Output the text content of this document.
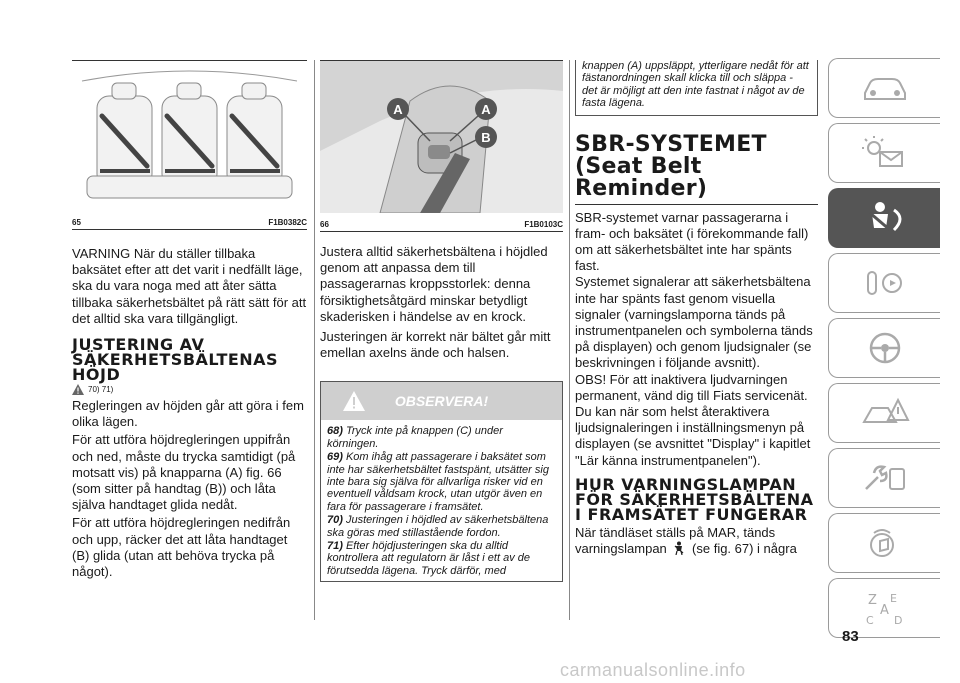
65	F1B0382C

VARNING När du ställer tillbaka baksätet efter att det varit i nedfällt läge, ska du vara noga med att åter sätta tillbaka säkerhetsbältet på rätt sätt för att det alltid ska vara tillgängligt.

JUSTERING AV SÄKERHETSBÄLTENAS HÖJD
70) 71)

Regleringen av höjden går att göra i fem olika lägen.

För att utföra höjdregleringen uppifrån och ned, måste du trycka samtidigt (på motsatt vis) på knapparna (A) fig. 66 (som sitter på handtag (B)) och låta själva handtaget glida nedåt.

För att utföra höjdregleringen nedifrån och upp, räcker det att låta handtaget (B) glida (utan att behöva trycka på något).

A	A
B
66	F1B0103C

Justera alltid säkerhetsbältena i höjdled genom att anpassa dem till passagerarnas kroppsstorlek: denna försiktighetsåtgärd minskar betydligt skaderisken i händelse av en krock.

Justeringen är korrekt när bältet går mitt emellan axelns ände och halsen.

OBSERVERA!

68) Tryck inte på knappen (C) under körningen.

69) Kom ihåg att passagerare i baksätet som inte har säkerhetsbältet fastspänt, utsätter sig inte bara sig själva för allvarliga risker vid en eventuell våldsam krock, utan utgör även en fara för passagerare i framsätet.

70) Justeringen i höjdled av säkerhetsbältena ska göras med stillastående fordon.

71) Efter höjdjusteringen ska du alltid kontrollera att regulatorn är låst i ett av de förutsedda lägena. Tryck därför, med

knappen (A) uppsläppt, ytterligare nedåt för att fästanordningen skall klicka till och släppa - det är möjligt att den inte fastnat i något av de fasta lägena.

SBR-SYSTEMET (Seat Belt Reminder)

SBR-systemet varnar passagerarna i fram- och baksätet (i förekommande fall) om att säkerhetsbältet inte har spänts fast.

Systemet signalerar att säkerhetsbältena inte har spänts fast genom visuella signaler (varningslamporna tänds på instrumentpanelen och symbolerna tänds på displayen) och genom ljudsignaler (se beskrivningen i följande avsnitt).

OBS! För att inaktivera ljudvarningen permanent, vänd dig till Fiats servicenät. Du kan när som helst återaktivera ljudsignaleringen i inställningsmenyn på displayen (se avsnittet "Display" i kapitlet "Lär känna instrumentpanelen").

HUR VARNINGSLAMPAN FÖR SÄKERHETSBÄLTENA I FRAMSÄTET FUNGERAR

När tändläset ställs på MAR, tänds
varningslampan (se fig. 67) i några

Z E
A
C D
83
carmanualsonline.info
